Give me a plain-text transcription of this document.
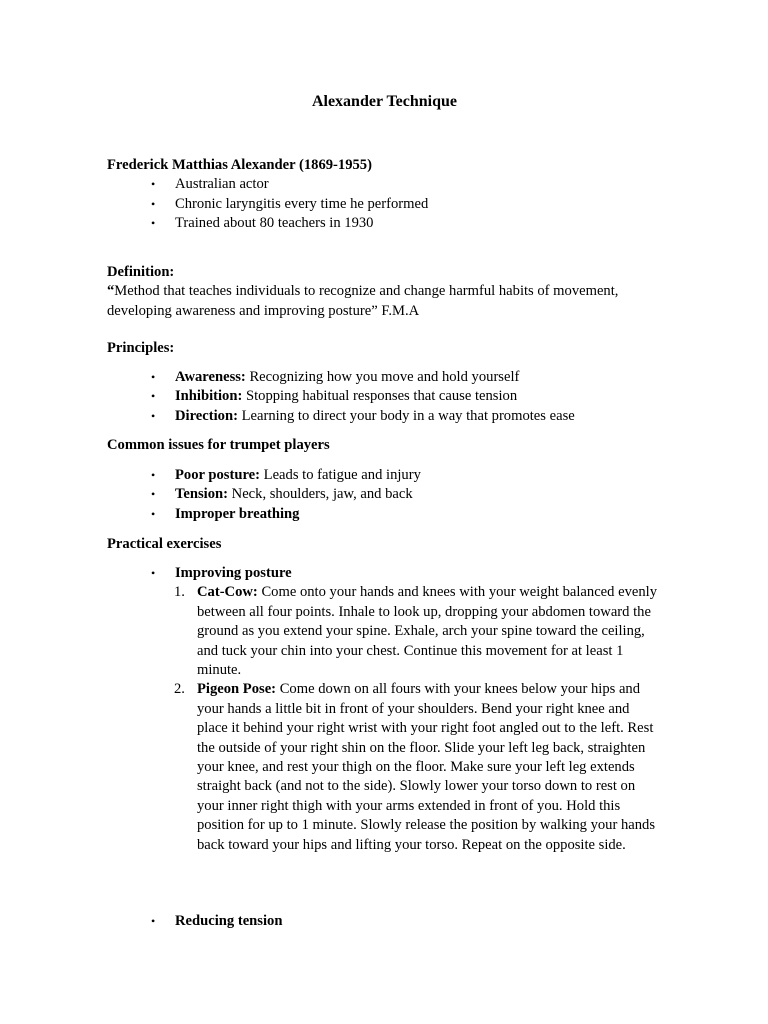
Alexander Technique
Frederick Matthias Alexander (1869-1955)
• Australian actor
• Chronic laryngitis every time he performed
• Trained about 80 teachers in 1930
Definition:
“Method that teaches individuals to recognize and change harmful habits of movement, developing awareness and improving posture” F.M.A
Principles:
• Awareness: Recognizing how you move and hold yourself
• Inhibition: Stopping habitual responses that cause tension
• Direction: Learning to direct your body in a way that promotes ease
Common issues for trumpet players
• Poor posture: Leads to fatigue and injury
• Tension: Neck, shoulders, jaw, and back
• Improper breathing
Practical exercises
• Improving posture
1. Cat-Cow: Come onto your hands and knees with your weight balanced evenly between all four points. Inhale to look up, dropping your abdomen toward the ground as you extend your spine. Exhale, arch your spine toward the ceiling, and tuck your chin into your chest. Continue this movement for at least 1 minute.
2. Pigeon Pose: Come down on all fours with your knees below your hips and your hands a little bit in front of your shoulders. Bend your right knee and place it behind your right wrist with your right foot angled out to the left. Rest the outside of your right shin on the floor. Slide your left leg back, straighten your knee, and rest your thigh on the floor. Make sure your left leg extends straight back (and not to the side). Slowly lower your torso down to rest on your inner right thigh with your arms extended in front of you. Hold this position for up to 1 minute. Slowly release the position by walking your hands back toward your hips and lifting your torso. Repeat on the opposite side.
• Reducing tension
